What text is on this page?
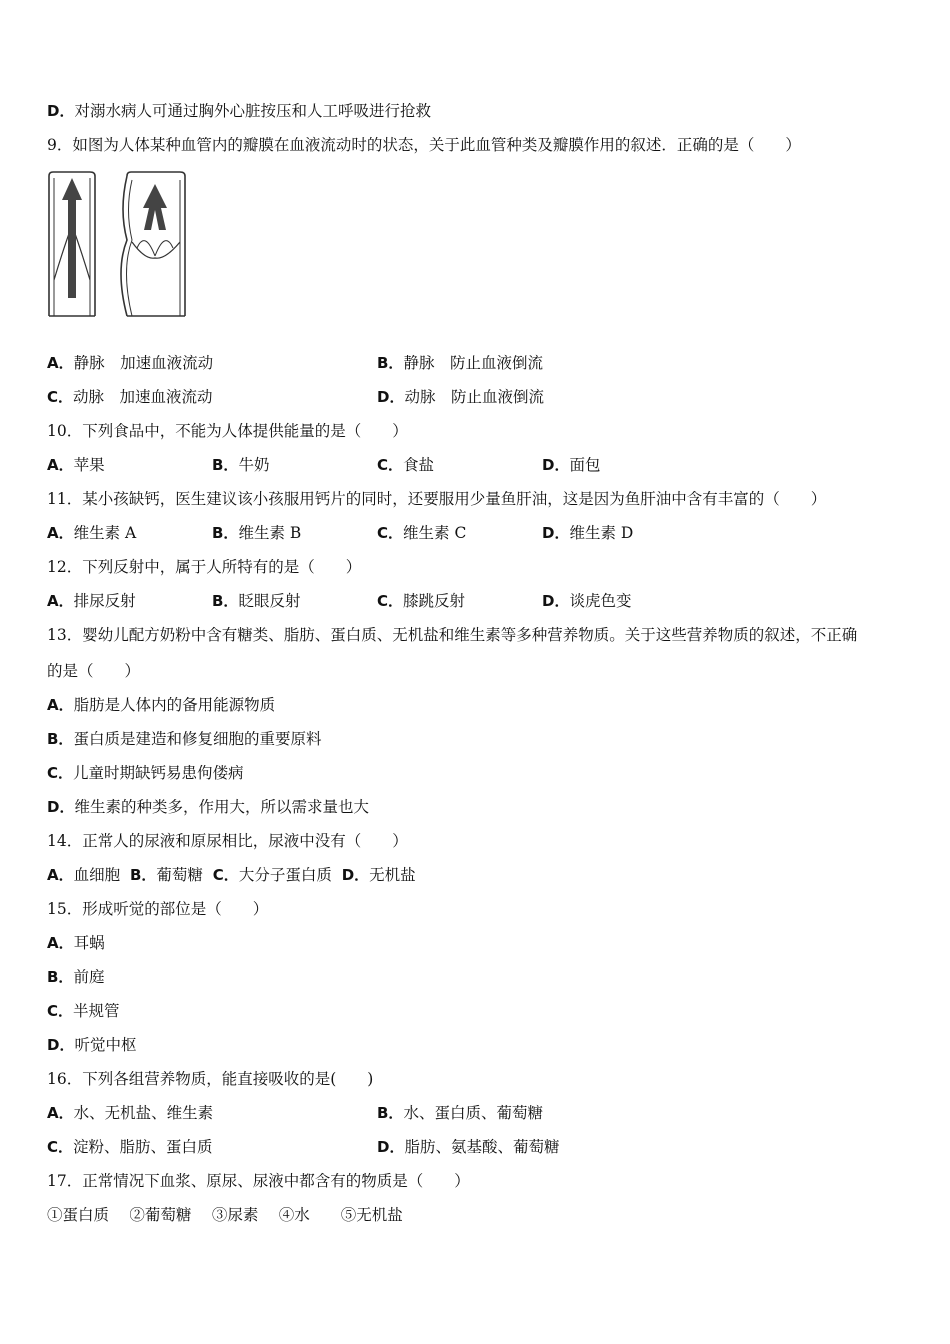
D．对溺水病人可通过胸外心脏按压和人工呼吸进行抢救
9．如图为人体某种血管内的瓣膜在血液流动时的状态，关于此血管种类及瓣膜作用的叙述．正确的是（　　）
A．静脉　加速血液流动	B．静脉　防止血液倒流
C．动脉　加速血液流动	D．动脉　防止血液倒流
10．下列食品中，不能为人体提供能量的是（　　）
A．苹果	B．牛奶	C．食盐	D．面包
11．某小孩缺钙，医生建议该小孩服用钙片的同时，还要服用少量鱼肝油，这是因为鱼肝油中含有丰富的（　　）
A．维生素 A	B．维生素 B	C．维生素 C	D．维生素 D
12．下列反射中，属于人所特有的是（　　）
A．排尿反射	B．眨眼反射	C．膝跳反射	D．谈虎色变
13．婴幼儿配方奶粉中含有糖类、脂肪、蛋白质、无机盐和维生素等多种营养物质。关于这些营养物质的叙述，不正确
的是（　　）
A．脂肪是人体内的备用能源物质
B．蛋白质是建造和修复细胞的重要原料
C．儿童时期缺钙易患佝偻病
D．维生素的种类多，作用大，所以需求量也大
14．正常人的尿液和原尿相比，尿液中没有（　　）
A．血细胞 B．葡萄糖 C．大分子蛋白质 D．无机盐
15．形成听觉的部位是（　　）
A．耳蜗
B．前庭
C．半规管
D．听觉中枢
16．下列各组营养物质，能直接吸收的是(　　)
A．水、无机盐、维生素	B．水、蛋白质、葡萄糖
C．淀粉、脂肪、蛋白质	D．脂肪、氨基酸、葡萄糖
17．正常情况下血浆、原尿、尿液中都含有的物质是（　　）
①蛋白质　 ②葡萄糖　 ③尿素　 ④水　　⑤无机盐
